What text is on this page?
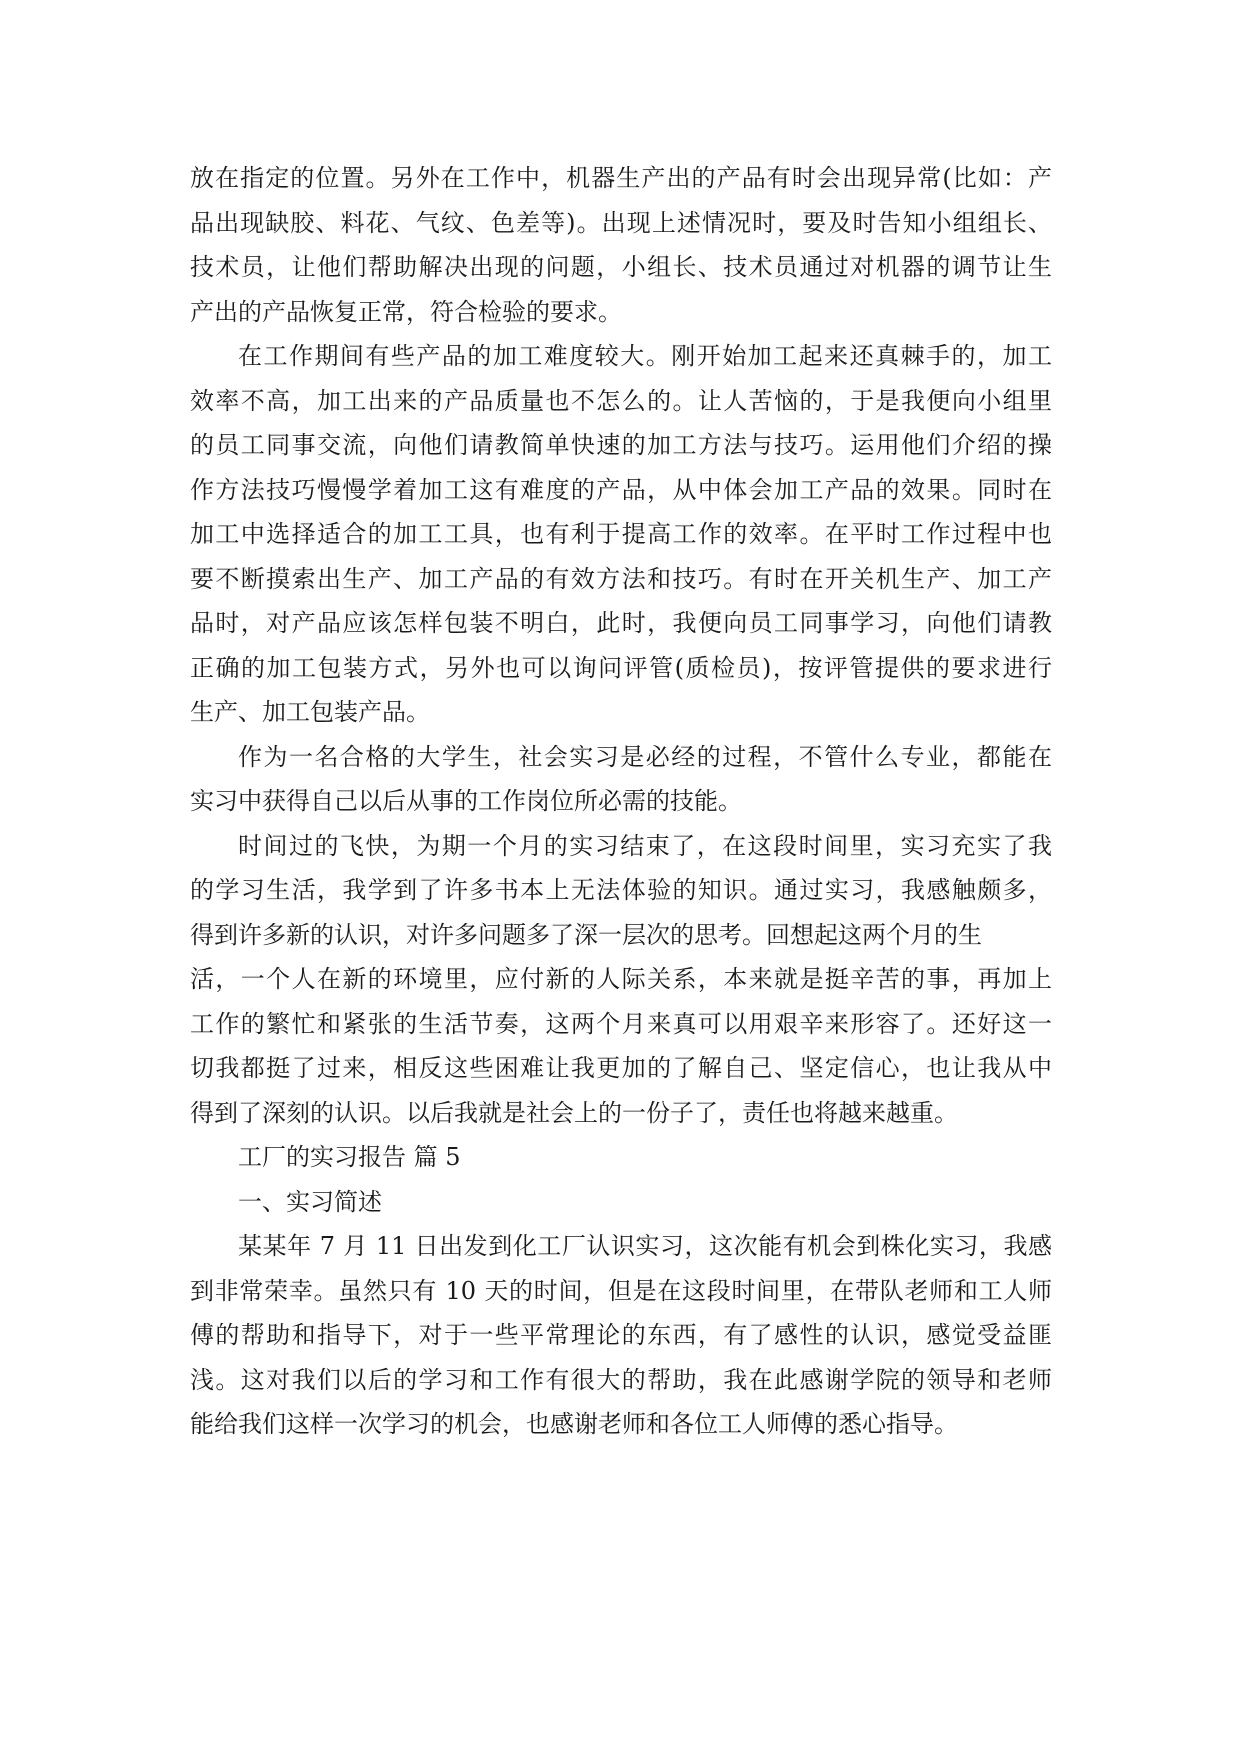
放在指定的位置。另外在工作中，机器生产出的产品有时会出现异常(比如：产
品出现缺胶、料花、气纹、色差等)。出现上述情况时，要及时告知小组组长、
技术员，让他们帮助解决出现的问题，小组长、技术员通过对机器的调节让生
产出的产品恢复正常，符合检验的要求。
在工作期间有些产品的加工难度较大。刚开始加工起来还真棘手的，加工
效率不高，加工出来的产品质量也不怎么的。让人苦恼的，于是我便向小组里
的员工同事交流，向他们请教简单快速的加工方法与技巧。运用他们介绍的操
作方法技巧慢慢学着加工这有难度的产品，从中体会加工产品的效果。同时在
加工中选择适合的加工工具，也有利于提高工作的效率。在平时工作过程中也
要不断摸索出生产、加工产品的有效方法和技巧。有时在开关机生产、加工产
品时，对产品应该怎样包装不明白，此时，我便向员工同事学习，向他们请教
正确的加工包装方式，另外也可以询问评管(质检员)，按评管提供的要求进行
生产、加工包装产品。
作为一名合格的大学生，社会实习是必经的过程，不管什么专业，都能在
实习中获得自己以后从事的工作岗位所必需的技能。
时间过的飞快，为期一个月的实习结束了，在这段时间里，实习充实了我
的学习生活，我学到了许多书本上无法体验的知识。通过实习，我感触颇多，
得到许多新的认识，对许多问题多了深一层次的思考。回想起这两个月的生
活，一个人在新的环境里，应付新的人际关系，本来就是挺辛苦的事，再加上
工作的繁忙和紧张的生活节奏，这两个月来真可以用艰辛来形容了。还好这一
切我都挺了过来，相反这些困难让我更加的了解自己、坚定信心，也让我从中
得到了深刻的认识。以后我就是社会上的一份子了，责任也将越来越重。
工厂的实习报告 篇 5
一、实习简述
某某年 7 月 11 日出发到化工厂认识实习，这次能有机会到株化实习，我感
到非常荣幸。虽然只有 10 天的时间，但是在这段时间里，在带队老师和工人师
傅的帮助和指导下，对于一些平常理论的东西，有了感性的认识，感觉受益匪
浅。这对我们以后的学习和工作有很大的帮助，我在此感谢学院的领导和老师
能给我们这样一次学习的机会，也感谢老师和各位工人师傅的悉心指导。
